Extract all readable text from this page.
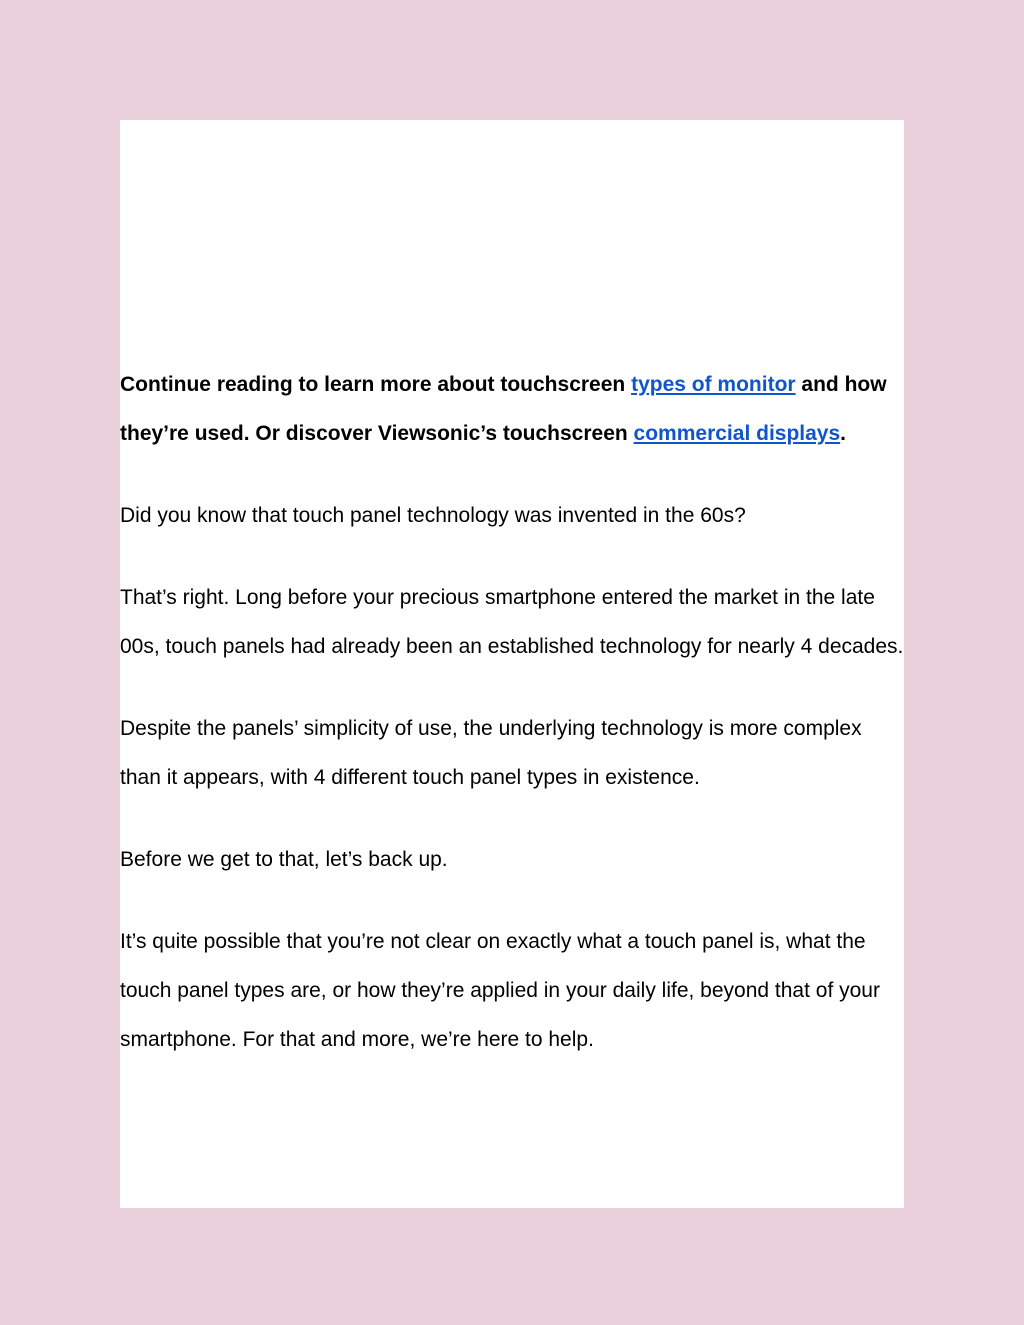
Continue reading to learn more about touchscreen types of monitor and how they’re used. Or discover Viewsonic’s touchscreen commercial displays.

Did you know that touch panel technology was invented in the 60s?

That’s right. Long before your precious smartphone entered the market in the late 00s, touch panels had already been an established technology for nearly 4 decades.

Despite the panels’ simplicity of use, the underlying technology is more complex than it appears, with 4 different touch panel types in existence.

Before we get to that, let’s back up.

It’s quite possible that you’re not clear on exactly what a touch panel is, what the touch panel types are, or how they’re applied in your daily life, beyond that of your smartphone. For that and more, we’re here to help.
